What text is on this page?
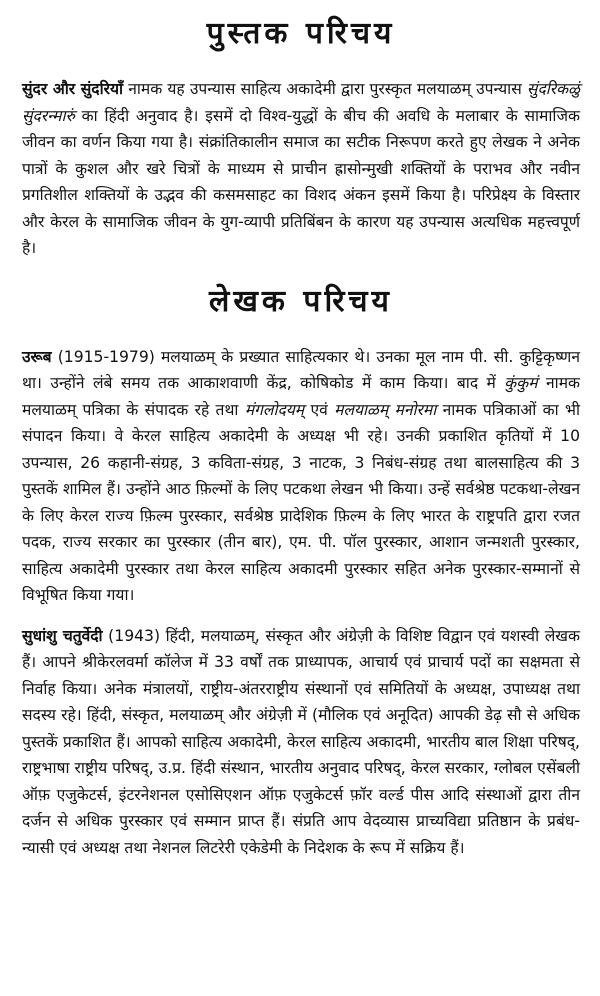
पुस्तक परिचय

सुंदर और सुंदरियाँ नामक यह उपन्यास साहित्य अकादेमी द्वारा पुरस्कृत मलयाळम् उपन्यास सुंदरिकळुं सुंदरन्मारुं का हिंदी अनुवाद है। इसमें दो विश्व-युद्धों के बीच की अवधि के मलाबार के सामाजिक जीवन का वर्णन किया गया है। संक्रांतिकालीन समाज का सटीक निरूपण करते हुए लेखक ने अनेक पात्रों के कुशल और खरे चित्रों के माध्यम से प्राचीन ह्रासोन्मुखी शक्तियों के पराभव और नवीन प्रगतिशील शक्तियों के उद्भव की कसमसाहट का विशद अंकन इसमें किया है। परिप्रेक्ष्य के विस्तार और केरल के सामाजिक जीवन के युग-व्यापी प्रतिबिंबन के कारण यह उपन्यास अत्यधिक महत्त्वपूर्ण है।

लेखक परिचय

उरूब (1915-1979) मलयाळम् के प्रख्यात साहित्यकार थे। उनका मूल नाम पी. सी. कुट्टिकृष्णन था। उन्होंने लंबे समय तक आकाशवाणी केंद्र, कोषिकोड में काम किया। बाद में कुंकुमं नामक मलयाळम् पत्रिका के संपादक रहे तथा मंगलोदयम् एवं मलयाळम् मनोरमा नामक पत्रिकाओं का भी संपादन किया। वे केरल साहित्य अकादेमी के अध्यक्ष भी रहे। उनकी प्रकाशित कृतियों में 10 उपन्यास, 26 कहानी-संग्रह, 3 कविता-संग्रह, 3 नाटक, 3 निबंध-संग्रह तथा बालसाहित्य की 3 पुस्तकें शामिल हैं। उन्होंने आठ फ़िल्मों के लिए पटकथा लेखन भी किया। उन्हें सर्वश्रेष्ठ पटकथा-लेखन के लिए केरल राज्य फ़िल्म पुरस्कार, सर्वश्रेष्ठ प्रादेशिक फ़िल्म के लिए भारत के राष्ट्रपति द्वारा रजत पदक, राज्य सरकार का पुरस्कार (तीन बार), एम. पी. पॉल पुरस्कार, आशान जन्मशती पुरस्कार, साहित्य अकादेमी पुरस्कार तथा केरल साहित्य अकादमी पुरस्कार सहित अनेक पुरस्कार-सम्मानों से विभूषित किया गया।

सुधांशु चतुर्वेदी (1943) हिंदी, मलयाळम्, संस्कृत और अंग्रेज़ी के विशिष्ट विद्वान एवं यशस्वी लेखक हैं। आपने श्रीकेरलवर्मा कॉलेज में 33 वर्षों तक प्राध्यापक, आचार्य एवं प्राचार्य पदों का सक्षमता से निर्वाह किया। अनेक मंत्रालयों, राष्ट्रीय-अंतरराष्ट्रीय संस्थानों एवं समितियों के अध्यक्ष, उपाध्यक्ष तथा सदस्य रहे। हिंदी, संस्कृत, मलयाळम् और अंग्रेज़ी में (मौलिक एवं अनूदित) आपकी डेढ़ सौ से अधिक पुस्तकें प्रकाशित हैं। आपको साहित्य अकादेमी, केरल साहित्य अकादमी, भारतीय बाल शिक्षा परिषद्, राष्ट्रभाषा राष्ट्रीय परिषद्, उ.प्र. हिंदी संस्थान, भारतीय अनुवाद परिषद्, केरल सरकार, ग्लोबल एसेंबली ऑफ़ एजुकेटर्स, इंटरनेशनल एसोसिएशन ऑफ़ एजुकेटर्स फ़ॉर वर्ल्ड पीस आदि संस्थाओं द्वारा तीन दर्जन से अधिक पुरस्कार एवं सम्मान प्राप्त हैं। संप्रति आप वेदव्यास प्राच्यविद्या प्रतिष्ठान के प्रबंध-न्यासी एवं अध्यक्ष तथा नेशनल लिटरेरी एकेडेमी के निदेशक के रूप में सक्रिय हैं।
